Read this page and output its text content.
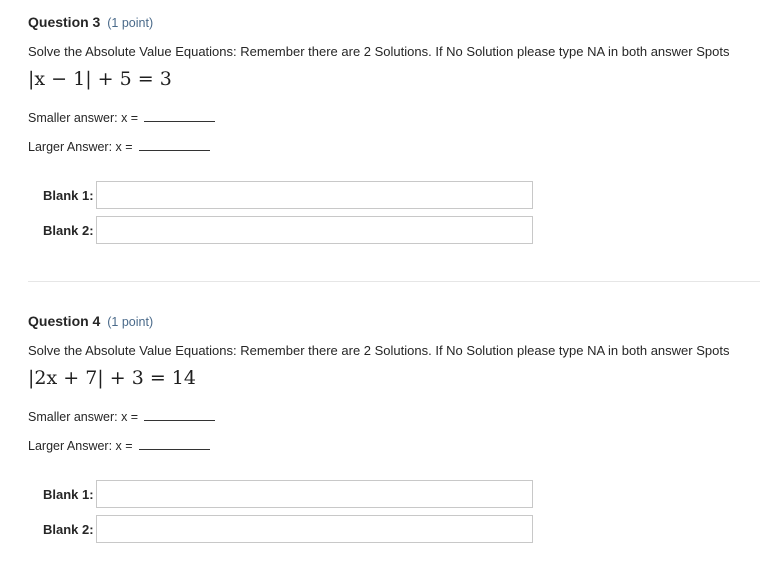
Question 3 (1 point)
Solve the Absolute Value Equations: Remember there are 2 Solutions. If No Solution please type NA in both answer Spots
|x − 1| + 5 = 3
Smaller answer: x =
Larger Answer: x =
Blank 1:
Blank 2:
Question 4 (1 point)
Solve the Absolute Value Equations: Remember there are 2 Solutions. If No Solution please type NA in both answer Spots
|2x + 7| + 3 = 14
Smaller answer: x =
Larger Answer: x =
Blank 1:
Blank 2:
